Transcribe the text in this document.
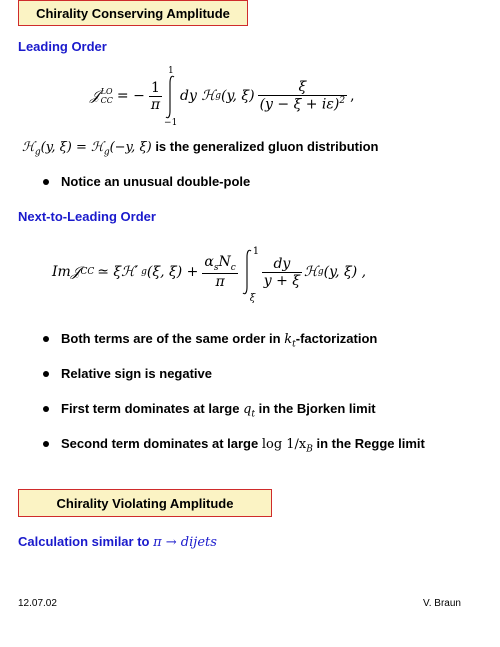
Chirality Conserving Amplitude
Leading Order
𝒥 LO
CC = − $\frac{1}{\pi}$
1
−1
dy ℋ g (y, $\xi) \frac{\xi}{(y - \xi + i\varepsilon)^2}$ ,
ℋ$_g$(y, ξ) = ℋ$_g$(−y, ξ) is the generalized gluon distribution
Notice an unusual double-pole
Next-to-Leading Order
Im𝒥 CC ≃ ξℋ′ g (ξ, $\xi) + \frac{\alpha_sN_c}{\pi}$
1
ξ
$\frac{dy}{y + \xi}$ ℋ g (y, ξ) ,
Both terms are of the same order in $k_t$-factorization
Relative sign is negative
First term dominates at large $q_t$ in the Bjorken limit
Second term dominates at large $\log 1/x_B$ in the Regge limit
Chirality Violating Amplitude
Calculation similar to π → dijets
12.07.02	V. Braun
